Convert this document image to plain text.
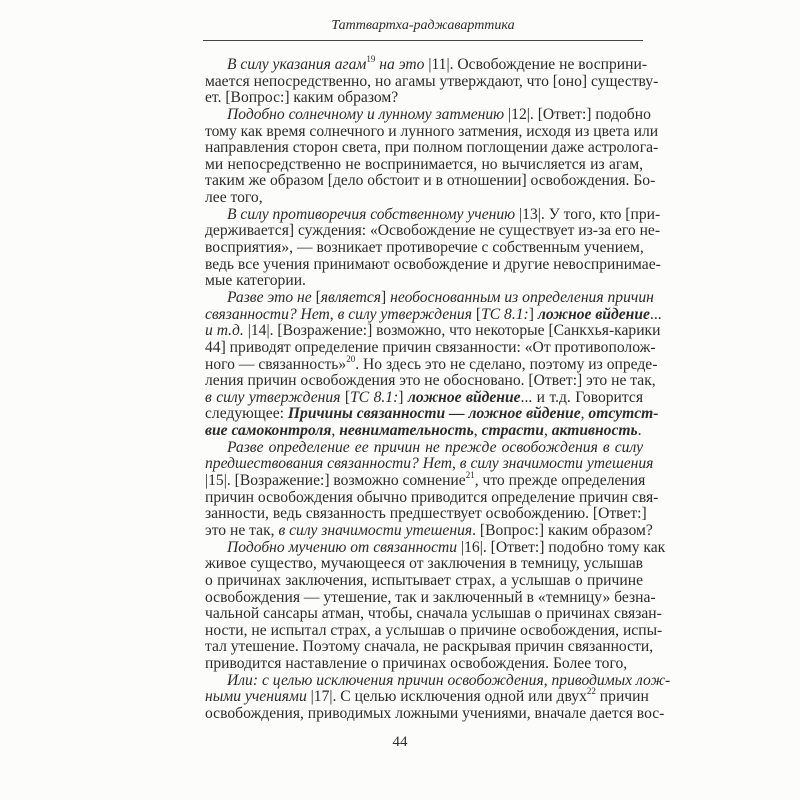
Таттвартха-раджаварттика
В силу указания агам$^{19}$ на это |11|. Освобождение не восприни-
мается непосредственно, но агамы утверждают, что [оно] существу-
ет. [Вопрос:] каким образом?
Подобно солнечному и лунному затмению |12|. [Ответ:] подобно
тому как время солнечного и лунного затмения, исходя из цвета или
направления сторон света, при полном поглощении даже астролога-
ми непосредственно не воспринимается, но вычисляется из агам,
таким же образом [дело обстоит и в отношении] освобождения. Бо-
лее того,
В силу противоречия собственному учению |13|. У того, кто [при-
держивается] суждения: «Освобождение не существует из-за его не-
восприятия», — возникает противоречие с собственным учением,
ведь все учения принимают освобождение и другие невоспринимае-
мые категории.
Разве это не [является] необоснованным из определения причин
связанности? Нет, в силу утверждения [ТС 8.1:] ложное вйдение...
и т.д. |14|. [Возражение:] возможно, что некоторые [Санкхья-карики
44] приводят определение причин связанности: «От противополож-
ного — связанность»$^{20}$. Но здесь это не сделано, поэтому из опреде-
ления причин освобождения это не обосновано. [Ответ:] это не так,
в силу утверждения [ТС 8.1:] ложное вйдение... и т.д. Говорится
следующее: Причины связанности — ложное вйдение, отсутст-
вие самоконтроля, невнимательность, страсти, активность.
Разве определение ее причин не прежде освобождения в силу
предшествования связанности? Нет, в силу значимости утешения
|15|. [Возражение:] возможно сомнение$^{21}$, что прежде определения
причин освобождения обычно приводится определение причин свя-
занности, ведь связанность предшествует освобождению. [Ответ:]
это не так, в силу значимости утешения. [Вопрос:] каким образом?
Подобно мучению от связанности |16|. [Ответ:] подобно тому как
живое существо, мучающееся от заключения в темницу, услышав
о причинах заключения, испытывает страх, а услышав о причине
освобождения — утешение, так и заключенный в «темницу» безна-
чальной сансары атман, чтобы, сначала услышав о причинах связан-
ности, не испытал страх, а услышав о причине освобождения, испы-
тал утешение. Поэтому сначала, не раскрывая причин связанности,
приводится наставление о причинах освобождения. Более того,
Или: с целью исключения причин освобождения, приводимых лож-
ными учениями |17|. С целью исключения одной или двух$^{22}$ причин
освобождения, приводимых ложными учениями, вначале дается вос-
44
